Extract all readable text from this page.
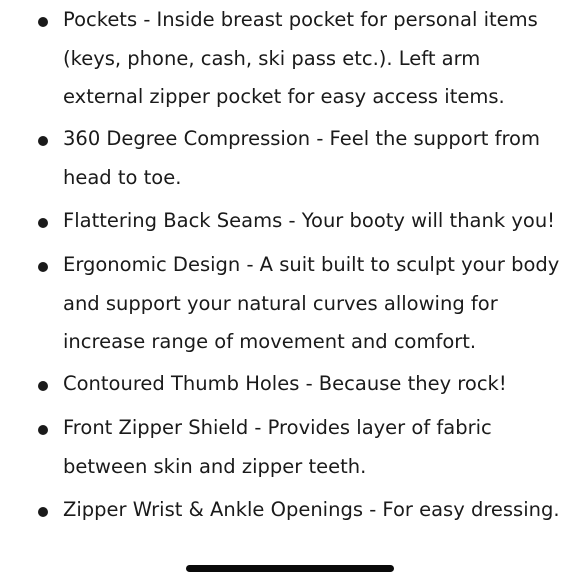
Pockets - Inside breast pocket for personal items (keys, phone, cash, ski pass etc.). Left arm external zipper pocket for easy access items.
360 Degree Compression - Feel the support from head to toe.
Flattering Back Seams - Your booty will thank you!
Ergonomic Design - A suit built to sculpt your body and support your natural curves allowing for increase range of movement and comfort.
Contoured Thumb Holes - Because they rock!
Front Zipper Shield - Provides layer of fabric between skin and zipper teeth.
Zipper Wrist & Ankle Openings - For easy dressing.
